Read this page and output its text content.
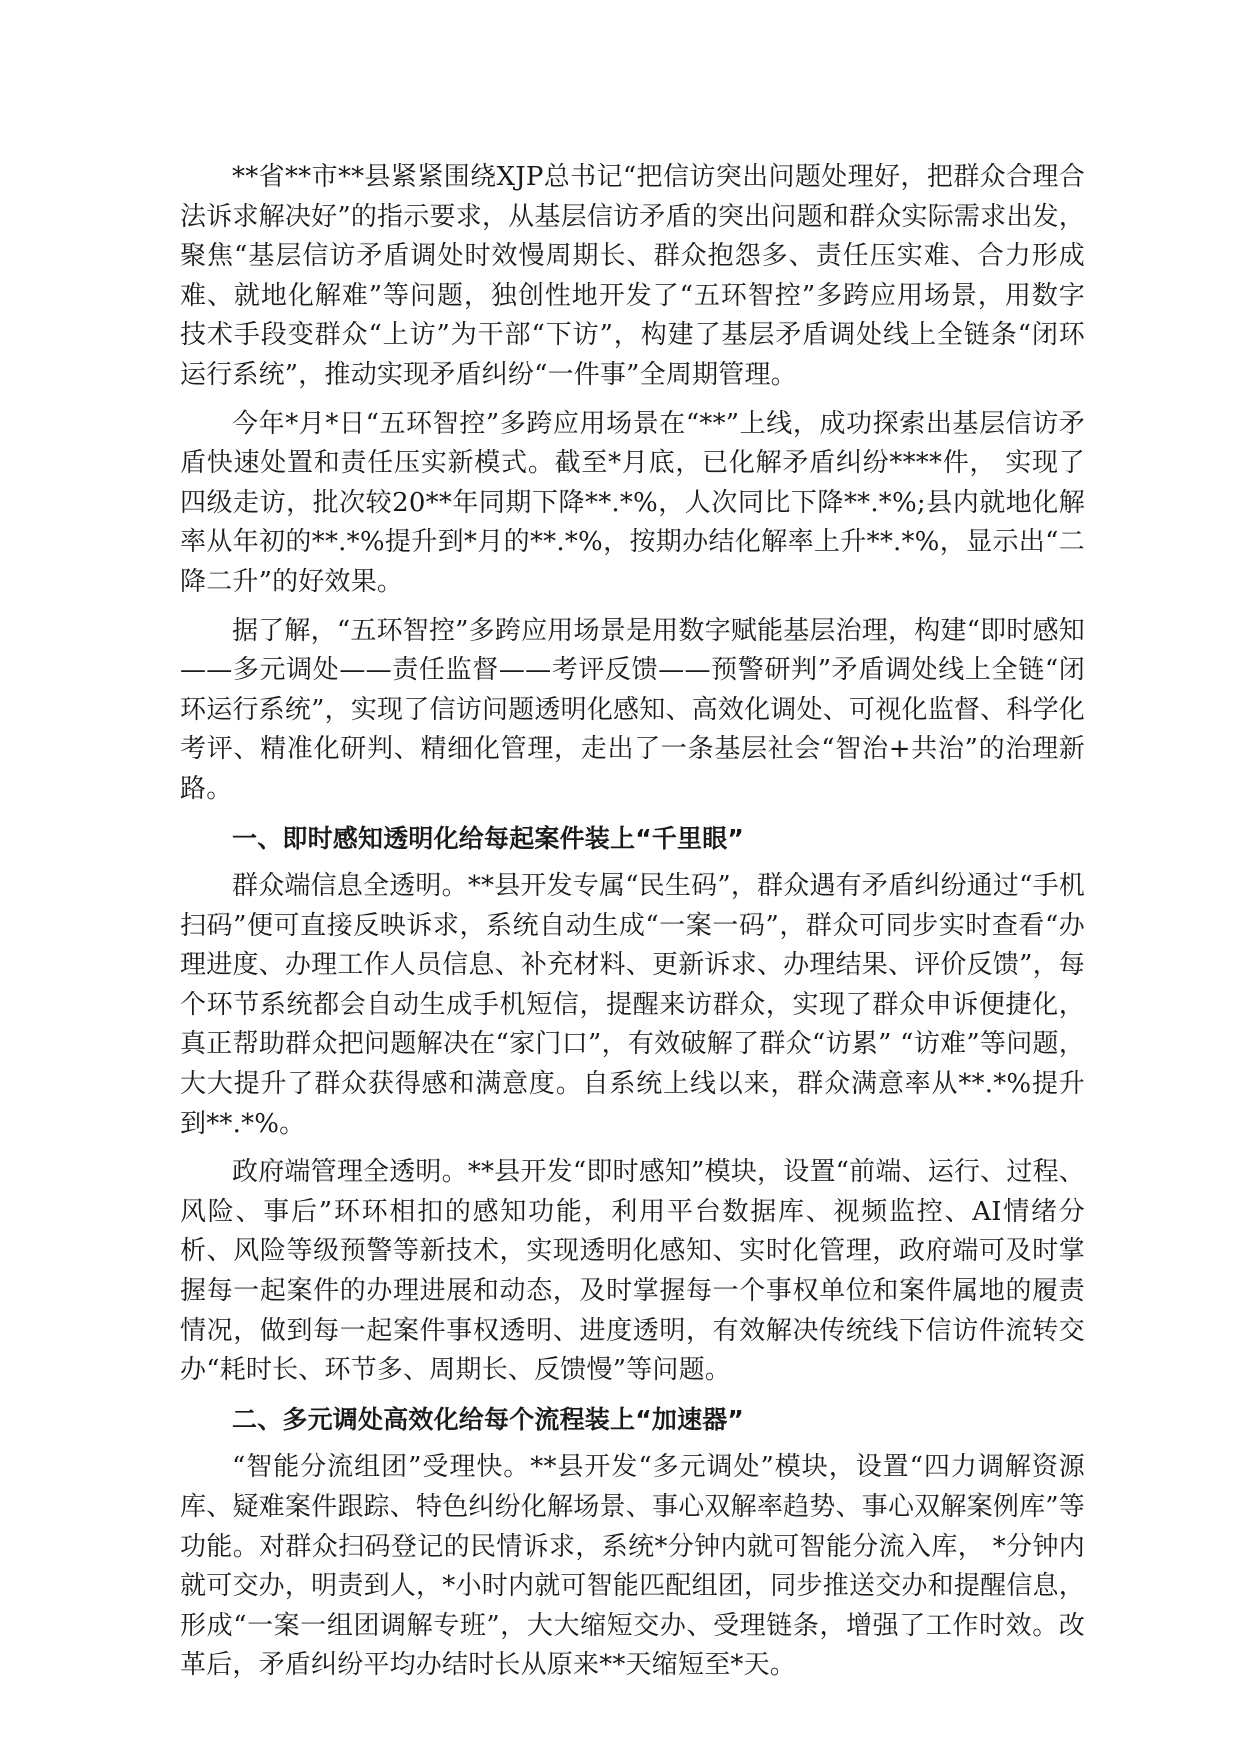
**省**市**县紧紧围绕XJP总书记“把信访突出问题处理好，把群众合理合法诉求解决好”的指示要求，从基层信访矛盾的突出问题和群众实际需求出发，聚焦“基层信访矛盾调处时效慢周期长、群众抱怨多、责任压实难、合力形成难、就地化解难”等问题，独创性地开发了“五环智控”多跨应用场景，用数字技术手段变群众“上访”为干部“下访”，构建了基层矛盾调处线上全链条“闭环运行系统”，推动实现矛盾纠纷“一件事”全周期管理。

今年*月*日“五环智控”多跨应用场景在“**”上线，成功探索出基层信访矛盾快速处置和责任压实新模式。截至*月底，已化解矛盾纠纷****件， 实现了四级走访，批次较20**年同期下降**.*%，人次同比下降**.*%;县内就地化解率从年初的**.*%提升到*月的**.*%，按期办结化解率上升**.*%，显示出“二降二升”的好效果。

据了解，“五环智控”多跨应用场景是用数字赋能基层治理，构建“即时感知——多元调处——责任监督——考评反馈——预警研判”矛盾调处线上全链“闭环运行系统”，实现了信访问题透明化感知、高效化调处、可视化监督、科学化考评、精准化研判、精细化管理，走出了一条基层社会“智治+共治”的治理新路。

一、即时感知透明化给每起案件装上“千里眼”

群众端信息全透明。**县开发专属“民生码”，群众遇有矛盾纠纷通过“手机扫码”便可直接反映诉求，系统自动生成“一案一码”，群众可同步实时查看“办理进度、办理工作人员信息、补充材料、更新诉求、办理结果、评价反馈”，每个环节系统都会自动生成手机短信，提醒来访群众，实现了群众申诉便捷化，真正帮助群众把问题解决在“家门口”，有效破解了群众“访累” “访难”等问题，大大提升了群众获得感和满意度。自系统上线以来，群众满意率从**.*%提升到**.*%。

政府端管理全透明。**县开发“即时感知”模块，设置“前端、运行、过程、风险、事后”环环相扣的感知功能，利用平台数据库、视频监控、AI情绪分析、风险等级预警等新技术，实现透明化感知、实时化管理，政府端可及时掌握每一起案件的办理进展和动态，及时掌握每一个事权单位和案件属地的履责情况，做到每一起案件事权透明、进度透明，有效解决传统线下信访件流转交办“耗时长、环节多、周期长、反馈慢”等问题。

二、多元调处高效化给每个流程装上“加速器”

“智能分流组团”受理快。**县开发“多元调处”模块，设置“四力调解资源库、疑难案件跟踪、特色纠纷化解场景、事心双解率趋势、事心双解案例库”等功能。对群众扫码登记的民情诉求，系统*分钟内就可智能分流入库， *分钟内就可交办，明责到人，*小时内就可智能匹配组团，同步推送交办和提醒信息，形成“一案一组团调解专班”，大大缩短交办、受理链条，增强了工作时效。改革后，矛盾纠纷平均办结时长从原来**天缩短至*天。
